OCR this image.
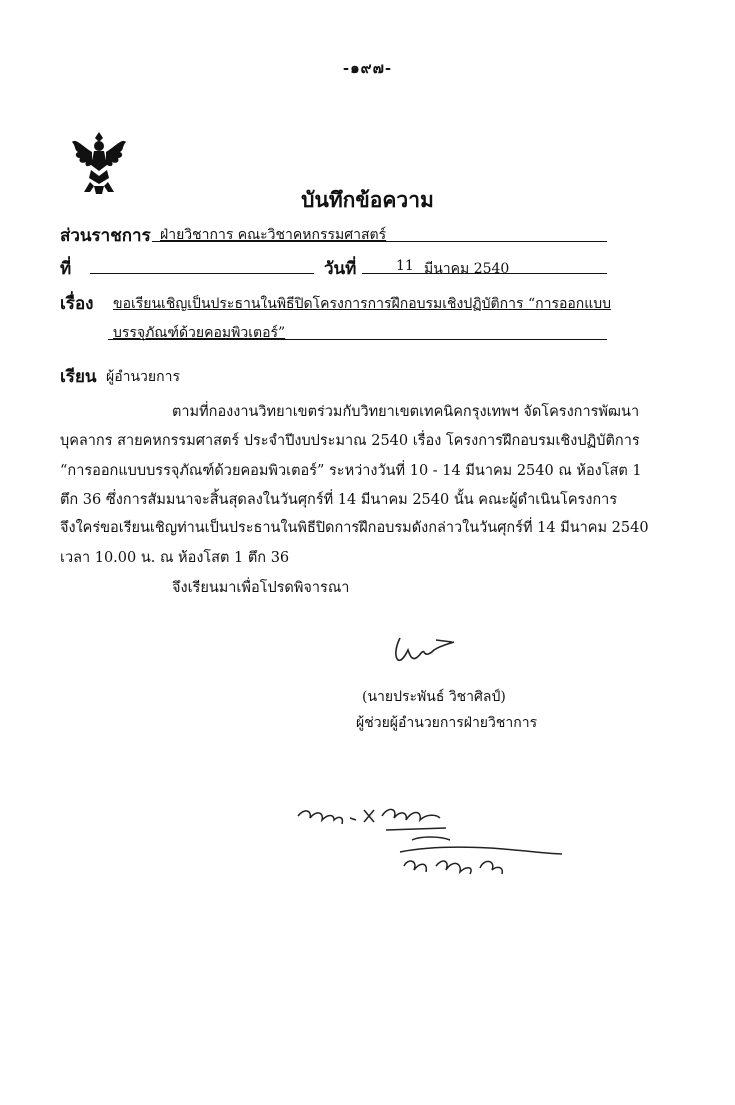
-๑๙๗-
บันทึกข้อความ
ส่วนราชการ ฝ่ายวิชาการ คณะวิชาคหกรรมศาสตร์
ที่	วันที่	11 มีนาคม 2540
เรื่อง ขอเรียนเชิญเป็นประธานในพิธีปิดโครงการการฝึกอบรมเชิงปฏิบัติการ “การออกแบบ
บรรจุภัณฑ์ด้วยคอมพิวเตอร์”
เรียน ผู้อำนวยการ
ตามที่กองงานวิทยาเขตร่วมกับวิทยาเขตเทคนิคกรุงเทพฯ จัดโครงการพัฒนา
บุคลากร สายคหกรรมศาสตร์ ประจำปีงบประมาณ 2540 เรื่อง โครงการฝึกอบรมเชิงปฏิบัติการ
“การออกแบบบรรจุภัณฑ์ด้วยคอมพิวเตอร์” ระหว่างวันที่ 10 - 14 มีนาคม 2540 ณ ห้องโสต 1
ตึก 36 ซึ่งการสัมมนาจะสิ้นสุดลงในวันศุกร์ที่ 14 มีนาคม 2540 นั้น คณะผู้ดำเนินโครงการ
จึงใคร่ขอเรียนเชิญท่านเป็นประธานในพิธีปิดการฝึกอบรมดังกล่าวในวันศุกร์ที่ 14 มีนาคม 2540
เวลา 10.00 น. ณ ห้องโสต 1 ตึก 36
จึงเรียนมาเพื่อโปรดพิจารณา
(นายประพันธ์ วิชาศิลป์)
ผู้ช่วยผู้อำนวยการฝ่ายวิชาการ
